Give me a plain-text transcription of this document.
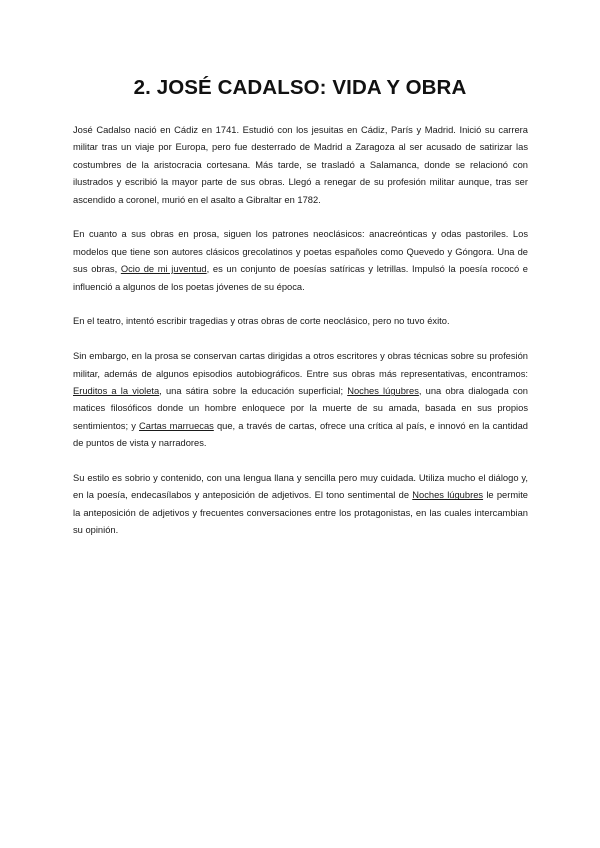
2. JOSÉ CADALSO: VIDA Y OBRA

José Cadalso nació en Cádiz en 1741. Estudió con los jesuitas en Cádiz, París y Madrid. Inició su carrera militar tras un viaje por Europa, pero fue desterrado de Madrid a Zaragoza al ser acusado de satirizar las costumbres de la aristocracia cortesana. Más tarde, se trasladó a Salamanca, donde se relacionó con ilustrados y escribió la mayor parte de sus obras. Llegó a renegar de su profesión militar aunque, tras ser ascendido a coronel, murió en el asalto a Gibraltar en 1782.

En cuanto a sus obras en prosa, siguen los patrones neoclásicos: anacreónticas y odas pastoriles. Los modelos que tiene son autores clásicos grecolatinos y poetas españoles como Quevedo y Góngora. Una de sus obras, Ocio de mi juventud, es un conjunto de poesías satíricas y letrillas. Impulsó la poesía rococó e influenció a algunos de los poetas jóvenes de su época.

En el teatro, intentó escribir tragedias y otras obras de corte neoclásico, pero no tuvo éxito.

Sin embargo, en la prosa se conservan cartas dirigidas a otros escritores y obras técnicas sobre su profesión militar, además de algunos episodios autobiográficos. Entre sus obras más representativas, encontramos: Eruditos a la violeta, una sátira sobre la educación superficial; Noches lúgubres, una obra dialogada con matices filosóficos donde un hombre enloquece por la muerte de su amada, basada en sus propios sentimientos; y Cartas marruecas que, a través de cartas, ofrece una crítica al país, e innovó en la cantidad de puntos de vista y narradores.

Su estilo es sobrio y contenido, con una lengua llana y sencilla pero muy cuidada. Utiliza mucho el diálogo y, en la poesía, endecasílabos y anteposición de adjetivos. El tono sentimental de Noches lúgubres le permite la anteposición de adjetivos y frecuentes conversaciones entre los protagonistas, en las cuales intercambian su opinión.
